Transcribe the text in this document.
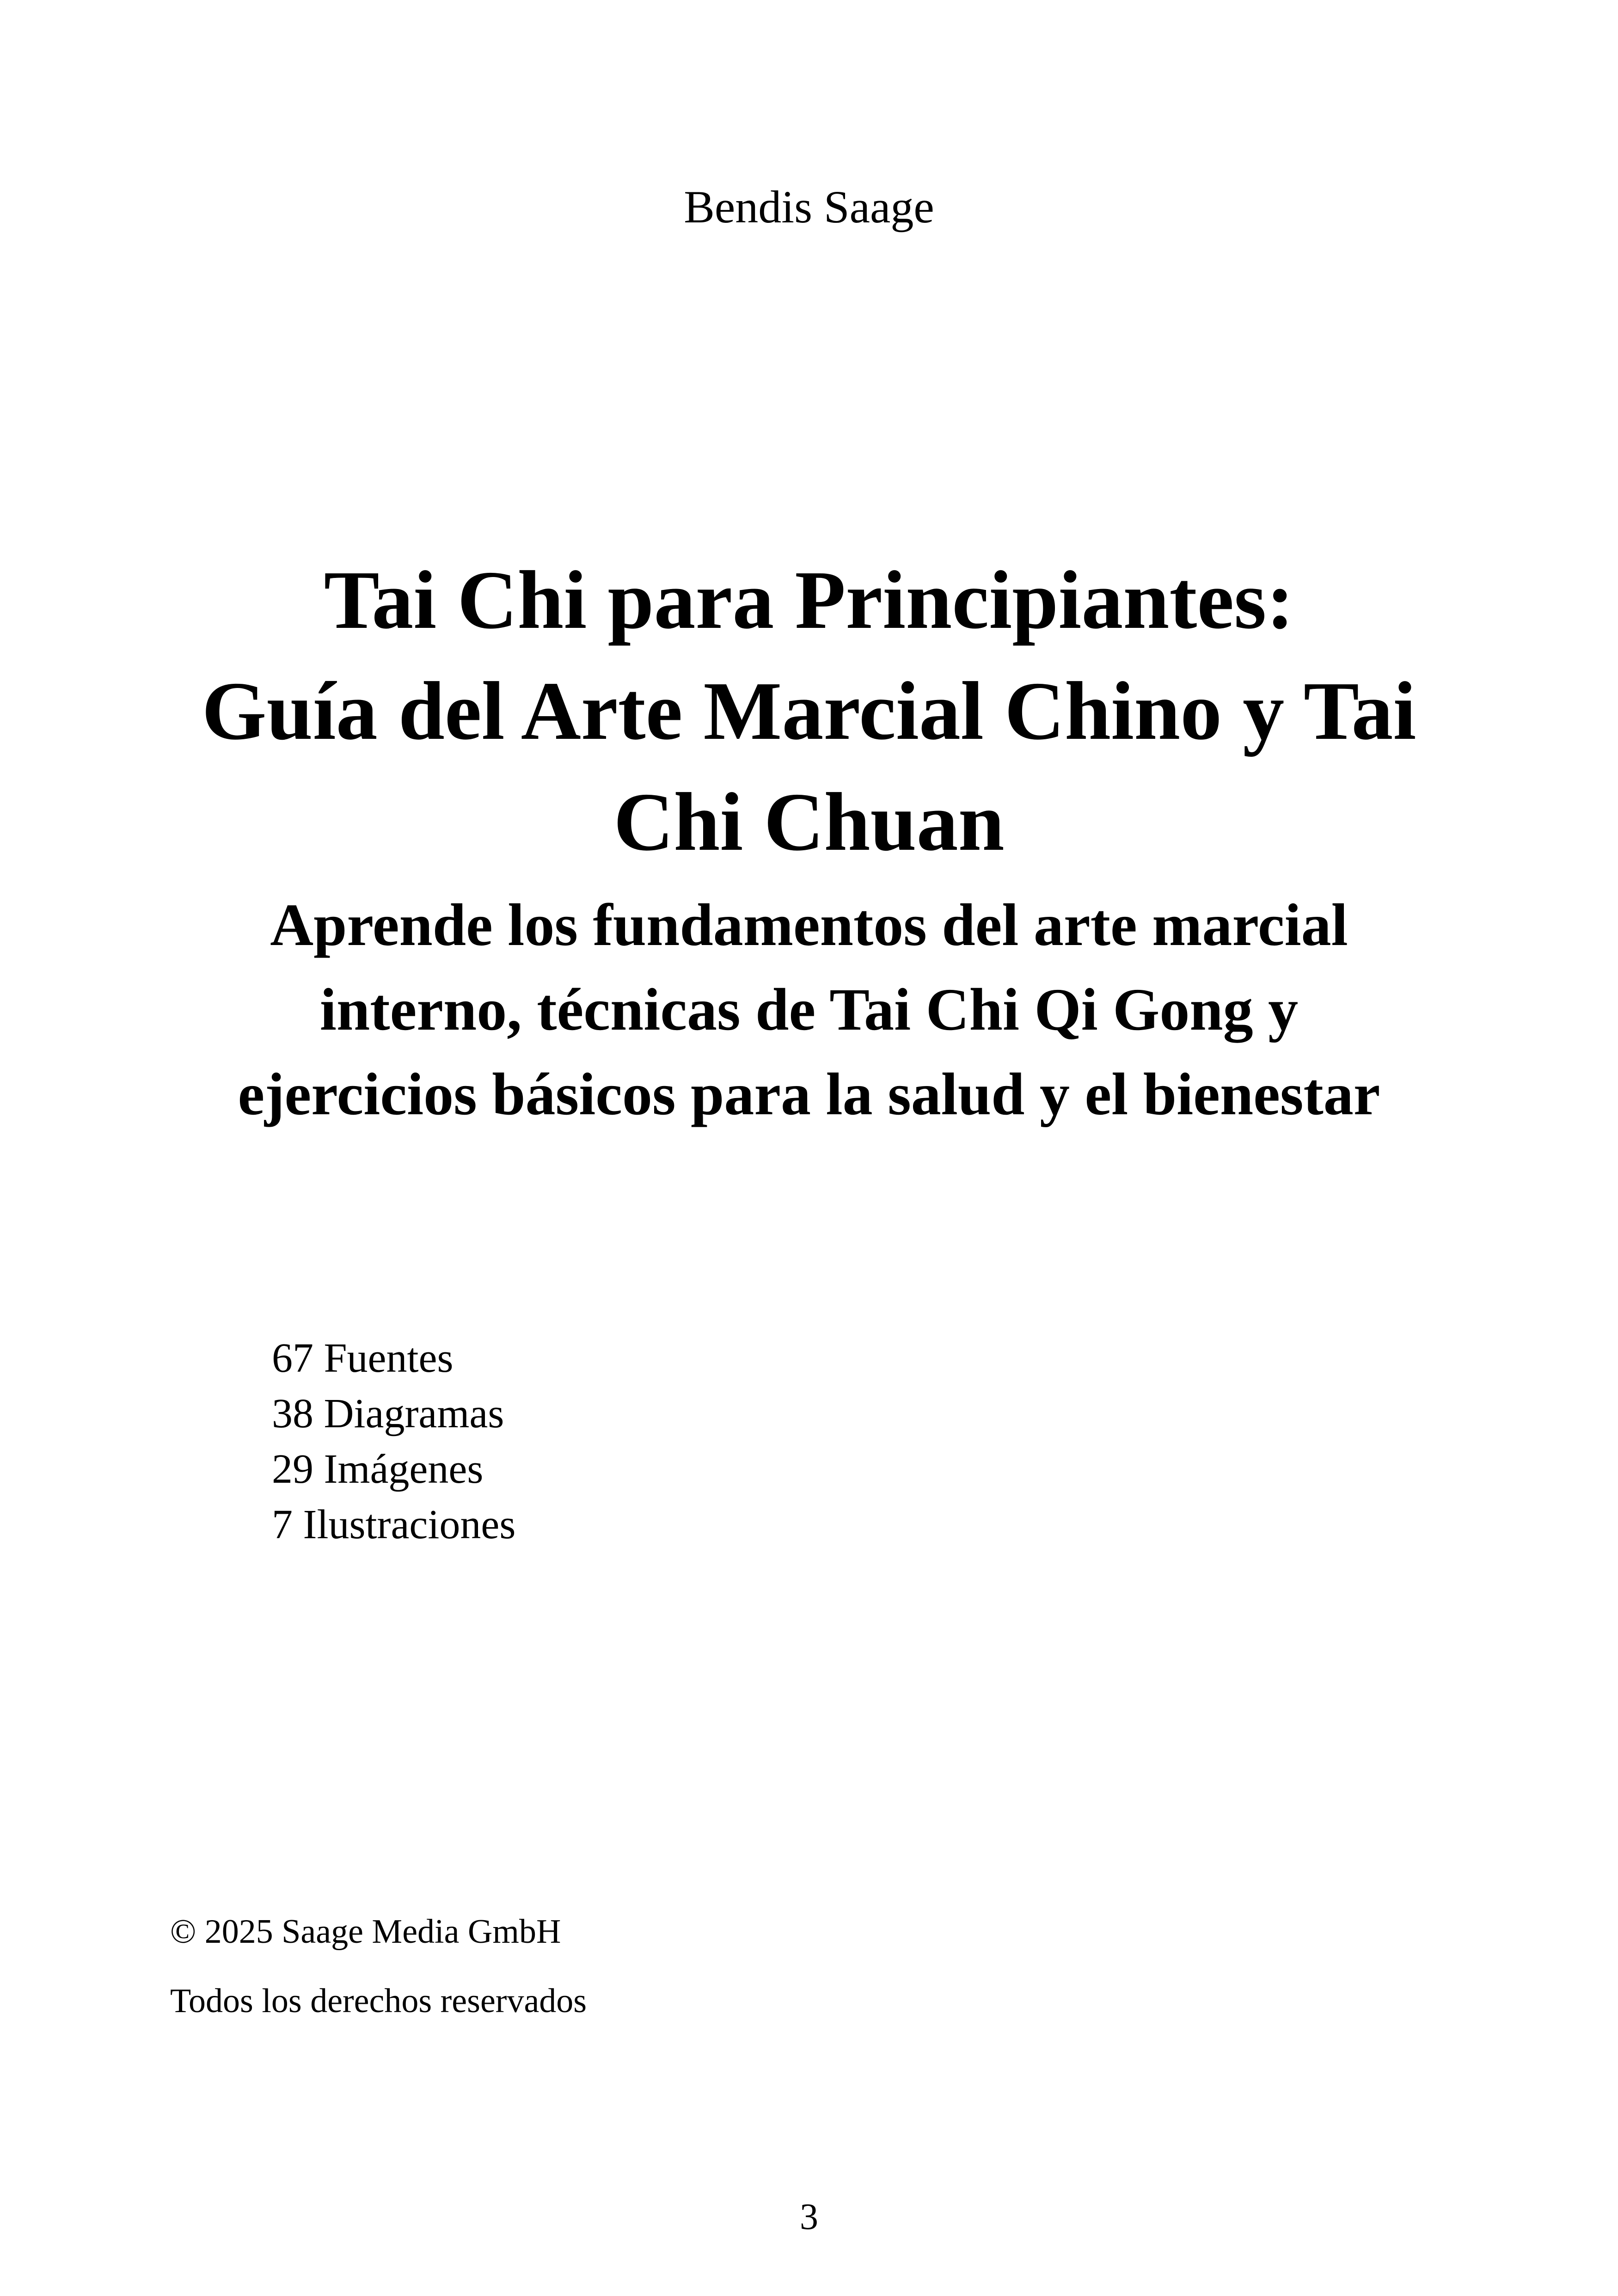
Bendis Saage
Tai Chi para Principiantes:
Guía del Arte Marcial Chino y Tai
Chi Chuan
Aprende los fundamentos del arte marcial
interno, técnicas de Tai Chi Qi Gong y
ejercicios básicos para la salud y el bienestar
67 Fuentes
38 Diagramas
29 Imágenes
7 Ilustraciones
© 2025 Saage Media GmbH
Todos los derechos reservados
3
